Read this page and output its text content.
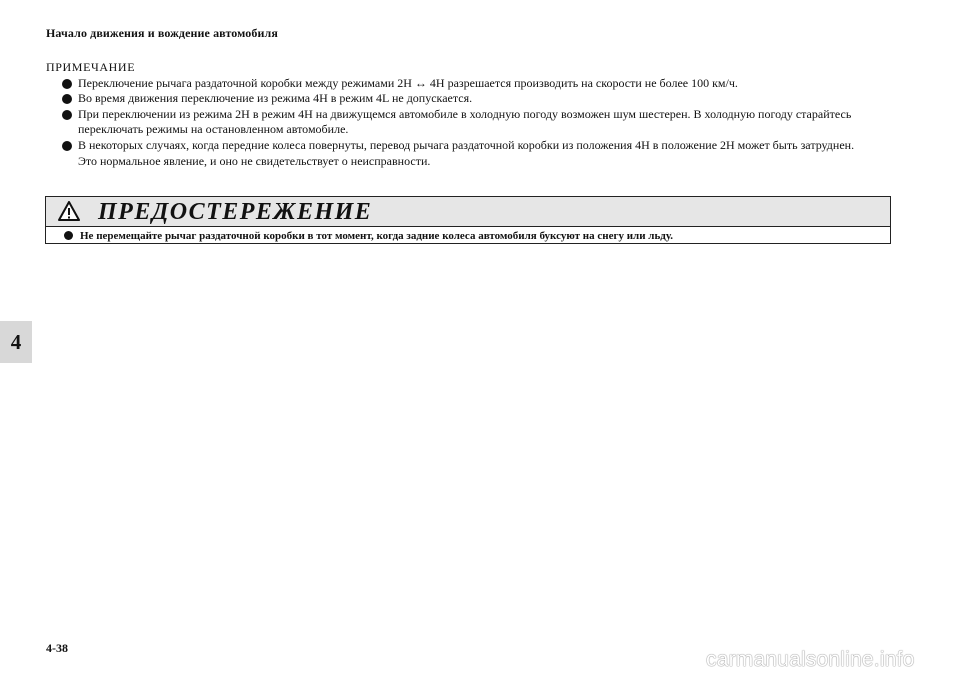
Начало движения и вождение автомобиля
4
ПРИМЕЧАНИЕ
Переключение рычага раздаточной коробки между режимами 2H ↔ 4H разрешается производить на скорости не более 100 км/ч.
Во время движения переключение из режима 4H в режим 4L не допускается.
При переключении из режима 2H в режим 4H на движущемся автомобиле в холодную погоду возможен шум шестерен. В холодную погоду старайтесь переключать режимы на остановленном автомобиле.
В некоторых случаях, когда передние колеса повернуты, перевод рычага раздаточной коробки из положения 4H в положение 2H может быть затруднен.
Это нормальное явление, и оно не свидетельствует о неисправности.
ПРЕДОСТЕРЕЖЕНИЕ
Не перемещайте рычаг раздаточной коробки в тот момент, когда задние колеса автомобиля буксуют на снегу или льду.
4-38	carmanualsonline.info
